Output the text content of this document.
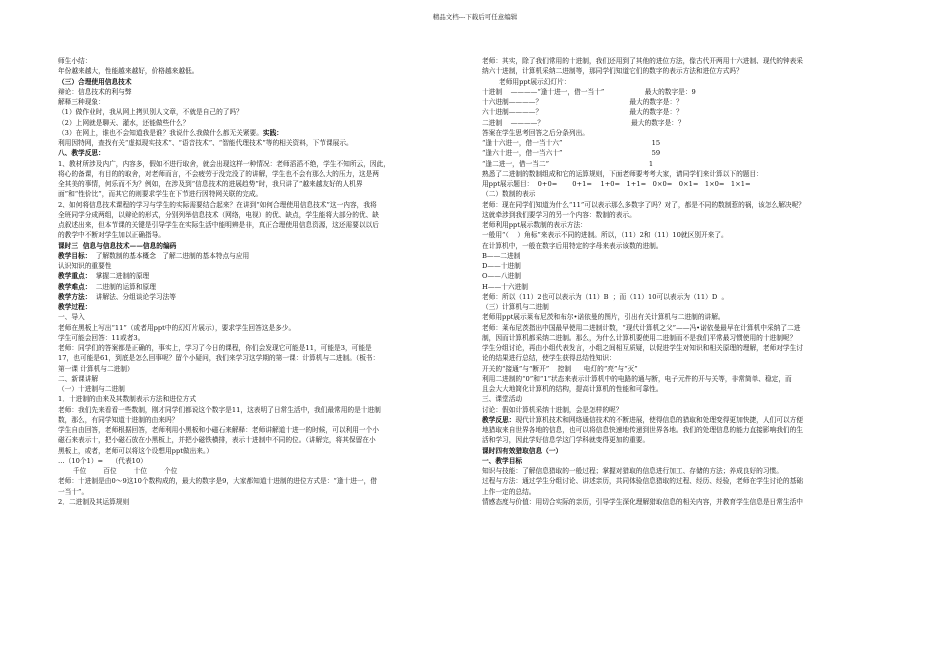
精品文档---下载后可任意编辑

师生小结：

年份越来越大，性能越来越好，价格越来越低。

（三）合理使用信息技术

辩论：信息技术的利与弊

解释三种现象：

（1）做作业时，我从网上拷贝别人文章，不就是自己的了吗？

（2）上网就是聊天、灌水，还能做些什么？

（3）在网上，谁也不会知道我是谁？我说什么我做什么都无关紧要。实践：

利用因特网，查找有关“虚拟现实技术”、“语音技术”、“智能代理技术”等的相关资料，下节课展示。

八、教学反思：

1、教材所涉及内广，内容多，假如不进行取舍，就会出现这样一种情况：老师滔滔不绝，学生不知所云，因此，

将心的备课，有目的的取舍，对老师而言，不会疲劳于没完没了的讲解，学生也不会有那么大的压力，这是两

全其美的事情，何乐而不为？例如，在涉及到“信息技术的进展趋势”时，我只讲了“越来越友好的人机界

面”和“性价比”，而其它的则要求学生在下节进行因特网关联的完成。

2、如何将信息技术课程的学习与学生的实际需要结合起来？在讲到“如何合理使用信息技术”这一内容，我将

全班同学分成两组，以辩论的形式，分别列举信息技术（网络，电视）的优、缺点，学生能将大部分的优、缺

点叙述出来，但本节课的关键是引导学生在实际生活中能明辨是非，真正合理使用信息资源，这还需要以以后

的教学中不断对学生加以正确指导。

课时三  信息与信息技术——信息的编码

教学目标：  了解数制的基本概念   了解二进制的基本特点与应用

认识知识的重要性

教学重点：  掌握二进制的原理

教学难点：  二进制的运算和原理

教学方法：  讲解法、分组谈论学习法等

教学过程：

一、导入

老师在黑板上写出“11”（或者用ppt中的幻灯片展示），要求学生回答这是多少。

学生可能会回答：11或者3。

老师：同学们的答案都是正确的，事实上，学习了今日的课程，你们会发现它可能是11，可能是3，可能是

17，也可能是61，到底是怎么回事呢？留个小疑问，我们来学习这学期的第一课：计算机与二进制。（板书：

第一课 计算机与二进制）

二、新课讲解

（一）十进制与二进制

1．十进制的由来及其数制表示方法和进位方式

老师：我们先来看看一些数制，刚才同学们都说这个数字是11，这表明了日常生活中，我们最常用的是十进制

数，那么，有同学知道十进制的由来吗？

学生自由回答，老师根据回答，老师利用小黑板和小磁石来解释：老师讲解道十进一的时候，可以利用一个小

磁石来表示十，把小磁石放在小黑板上，并把小磁铁横排，表示十进制中不同的位。（讲解完，将其保留在小

黑板上，或者，老师可以将这个设想用ppt做出来。）

…（10个1）=    （代表10）

千位        百位        十位        个位

老师：十进制是由0～9这10个数构成的，最大的数字是9，大家都知道十进制的进位方式是：“逢十进一，借

一当十”。

2．二进制及其运算规则

老师：其实，除了我们常用的十进制，我们还用到了其他的进位方法，像古代开两用十六进制、现代的钟表采

纳六十进制，计算机采纳二进制等，那同学们知道它们的数字的表示方法和进位方式吗？

老师用ppt展示幻灯片：

十进制    ————“逢十进一，借一当十”                   最大的数字是：9

十六进制————？                                         最大的数字是：？

六十进制————？                                         最大的数字是：？

二进制    ————？                                         最大的数字是：？

答案在学生思考回答之后分条列出。

“逢十六进一，借一当十六”                                          15

“逢六十进一，借一当六十”                                          59

“逢二进一，借一当二”                                               1

熟悉了二进制的数制组成和它的运算规则，下面老师要考考大家，请同学们来计算以下的题目：

用ppt展示题目：  0+0=       0+1=    1+0=   1+1=   0×0=   0×1=   1×0=   1×1=

（二）数制的表示

老师：现在同学们知道为什么“11”可以表示那么多数字了吗？对了，都是不同的数制惹的祸，该怎么解决呢？

这就牵涉到我们要学习的另一个内容：数制的表示。

老师利用ppt展示数制的表示方法：

一般用“（    ）角标”来表示不同的进制。所以，（11）2和（11）10就区别开来了。

在计算机中，一般在数字后用特定的字母来表示该数的进制。

B——二进制

D——十进制

O——八进制

H——十六进制

老师：所以（11）2也可以表示为（11）B  ；而（11）10可以表示为（11）D  。

（三）计算机与二进制

老师用ppt展示莱布尼茨和布尔•诺依曼的图片，引出有关计算机与二进制的讲解。

老师：莱布尼茨指出中国最早使用二进制计数，“现代计算机之父”——冯•诺依曼最早在计算机中采纳了二进

制，因而计算机都采纳二进制。那么，为什么计算机要使用二进制而不是我们平常最习惯使用的十进制呢？

学生分组讨论，再由小组代表发言，小组之间相互质疑，以促进学生对知识和相关原理的理解，老师对学生讨

论的结果进行总结，使学生获得总结性知识：

开关的“接通”与“断开”    控制      电灯的“亮”与“灭”

利用二进制的“0”和“1”状态来表示计算机中的电路的通与断，电子元件的开与关等，非常简单、稳定，而

且会大大地简化计算机的结构，提高计算机的性能和可靠性。

三、课堂活动

讨论：假如计算机采纳十进制，会是怎样的呢？

教学反思：现代计算机技术和网络通信技术的不断进展，使得信息的猎取和处理变得更加快捷，人们可以方便

地猎取来自世界各地的信息，也可以将信息快速地传递到世界各地。我们的处理信息的能力直接影响我们的生

活和学习，因此学好信息学这门学科就变得更加的重要。

课时四有效猎取信息（一）

一、教学目标

知识与技能：了解信息猎取的一般过程；掌握对猎取的信息进行加工、存储的方法；养成良好的习惯。

过程与方法：通过学生分组讨论、讲述亲历，共同体验信息猎取的过程、经历、经验，老师在学生讨论的基础

上作一定的总结。

情感态度与价值：用切合实际的亲历，引导学生深化理解猎取信息的相关内容，并教育学生信息是日常生活中
